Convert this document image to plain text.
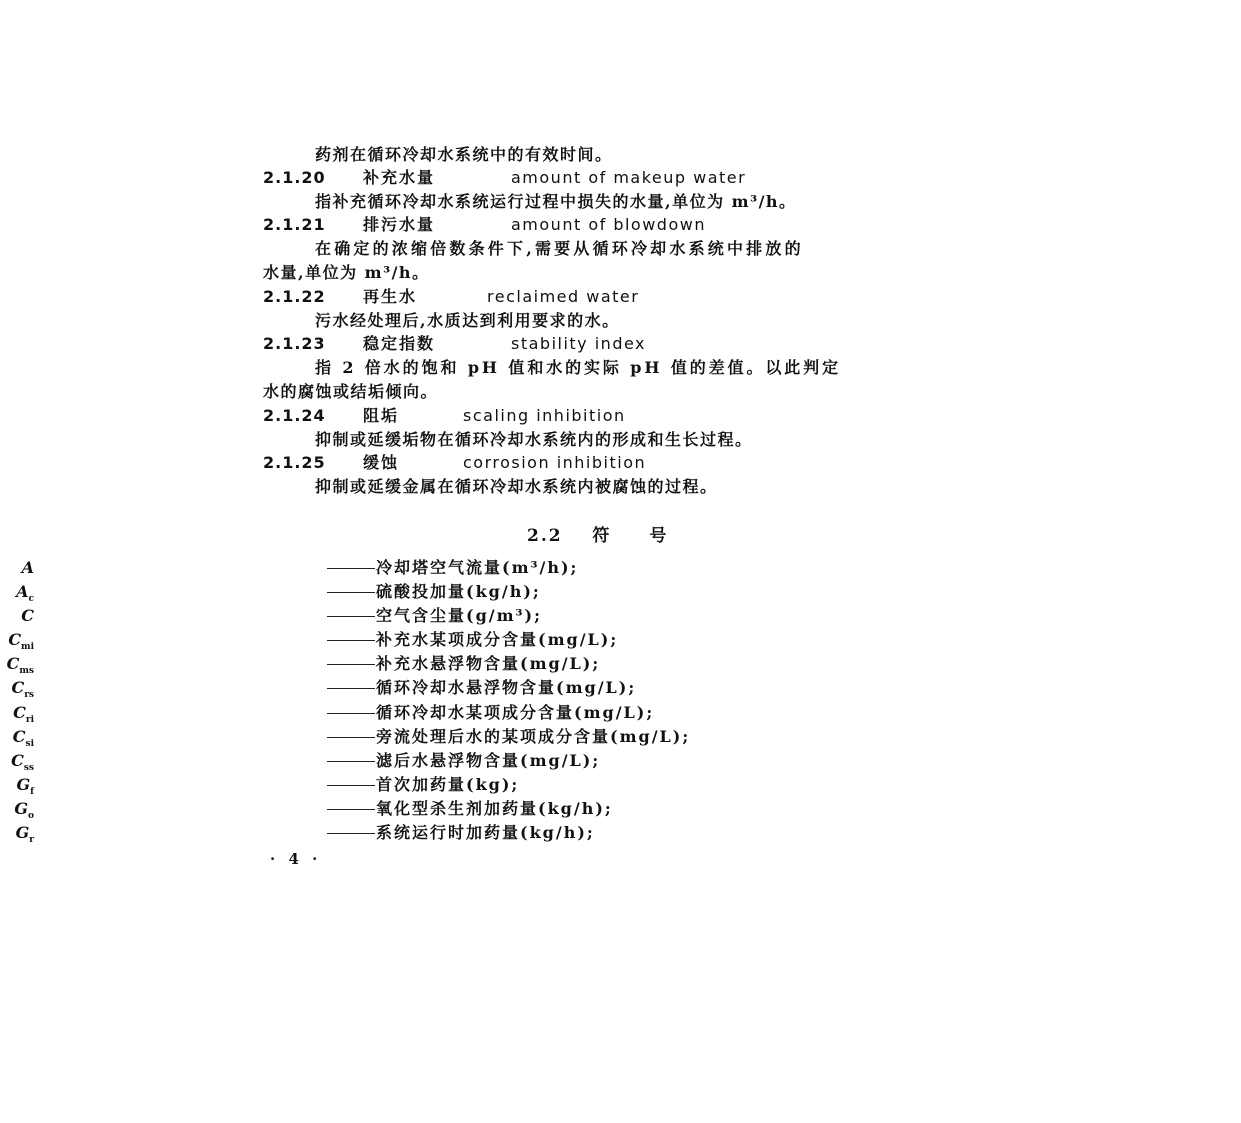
药剂在循环冷却水系统中的有效时间。
2.1.20 补充水量	amount of makeup water
指补充循环冷却水系统运行过程中损失的水量,单位为 m³/h。
2.1.21 排污水量	amount of blowdown
在确定的浓缩倍数条件下,需要从循环冷却水系统中排放的
水量,单位为 m³/h。
2.1.22 再生水	reclaimed water
污水经处理后,水质达到利用要求的水。
2.1.23 稳定指数	stability index
指 2 倍水的饱和 pH 值和水的实际 pH 值的差值。以此判定
水的腐蚀或结垢倾向。
2.1.24 阻垢	scaling inhibition
抑制或延缓垢物在循环冷却水系统内的形成和生长过程。
2.1.25 缓蚀	corrosion inhibition
抑制或延缓金属在循环冷却水系统内被腐蚀的过程。
2.2 符 号
A	冷却塔空气流量(m³/h);
$A_c$	硫酸投加量(kg/h);
C	空气含尘量(g/m³);
$C_{mi}$	补充水某项成分含量(mg/L);
$C_{ms}$	补充水悬浮物含量(mg/L);
$C_{rs}$	循环冷却水悬浮物含量(mg/L);
$C_{ri}$	循环冷却水某项成分含量(mg/L);
$C_{si}$	旁流处理后水的某项成分含量(mg/L);
$C_{ss}$	滤后水悬浮物含量(mg/L);
$G_f$	首次加药量(kg);
$G_o$	氧化型杀生剂加药量(kg/h);
$G_r$	系统运行时加药量(kg/h);
· 4 ·
